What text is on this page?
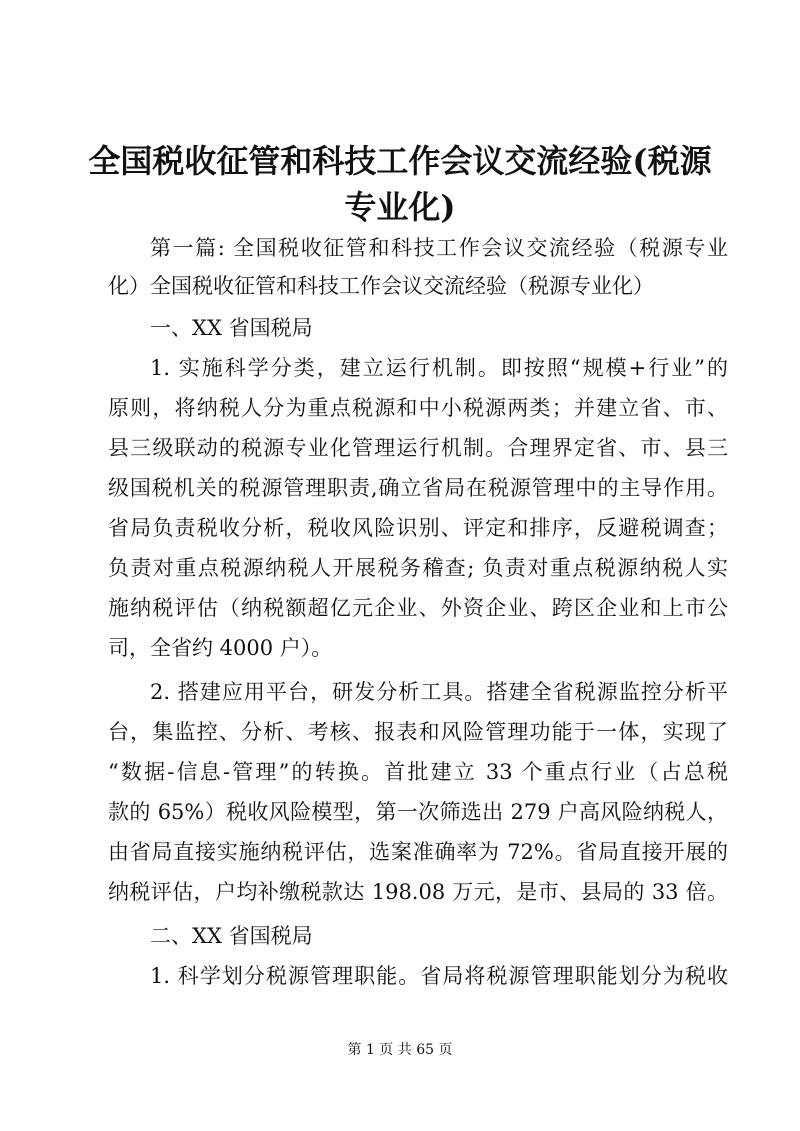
全国税收征管和科技工作会议交流经验(税源
专业化)
第一篇: 全国税收征管和科技工作会议交流经验（税源专业
化）全国税收征管和科技工作会议交流经验（税源专业化）
一、XX 省国税局
1. 实施科学分类，建立运行机制。即按照“规模+行业”的
原则，将纳税人分为重点税源和中小税源两类；并建立省、市、
县三级联动的税源专业化管理运行机制。合理界定省、市、县三
级国税机关的税源管理职责,确立省局在税源管理中的主导作用。
省局负责税收分析，税收风险识别、评定和排序，反避税调查；
负责对重点税源纳税人开展税务稽查; 负责对重点税源纳税人实
施纳税评估（纳税额超亿元企业、外资企业、跨区企业和上市公
司，全省约 4000 户）。
2. 搭建应用平台，研发分析工具。搭建全省税源监控分析平
台，集监控、分析、考核、报表和风险管理功能于一体，实现了
“数据-信息-管理”的转换。首批建立 33 个重点行业（占总税
款的 65%）税收风险模型，第一次筛选出 279 户高风险纳税人，
由省局直接实施纳税评估，选案准确率为 72%。省局直接开展的
纳税评估，户均补缴税款达 198.08 万元，是市、县局的 33 倍。
二、XX 省国税局
1. 科学划分税源管理职能。省局将税源管理职能划分为税收
第 1 页 共 65 页
